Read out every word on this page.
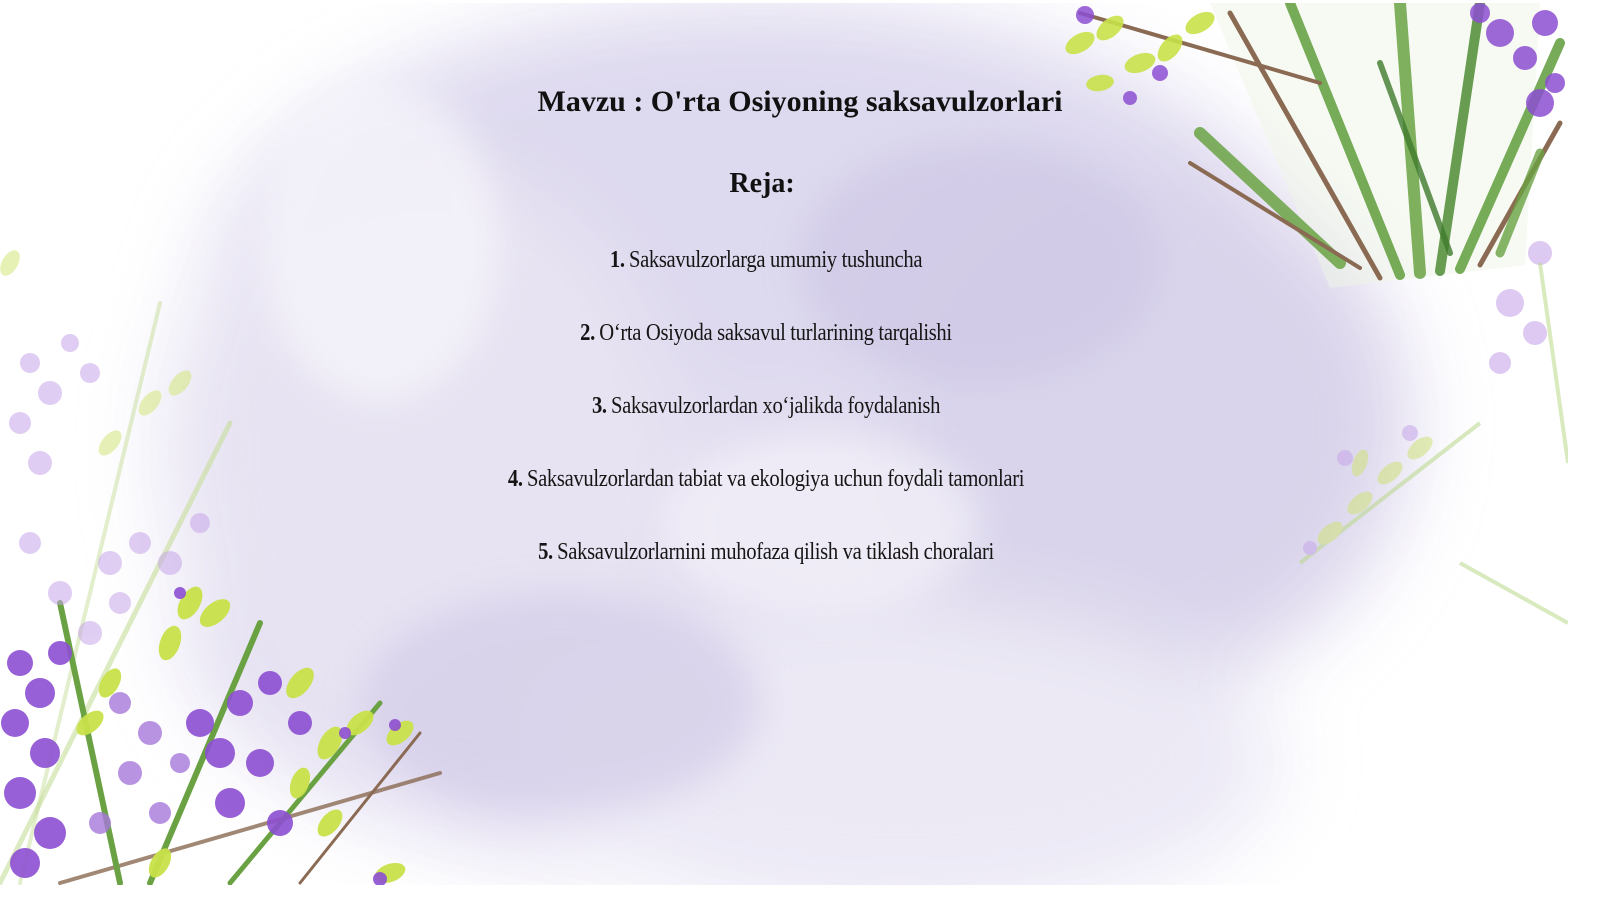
Mavzu : O'rta Osiyoning saksavulzorlari
Reja:
1. Saksavulzorlarga umumiy tushuncha
2. O‘rta Osiyoda saksavul turlarining tarqalishi
3. Saksavulzorlardan xo‘jalikda foydalanish
4. Saksavulzorlardan tabiat va ekologiya uchun foydali tamonlari
5. Saksavulzorlarnini muhofaza qilish va tiklash choralari
